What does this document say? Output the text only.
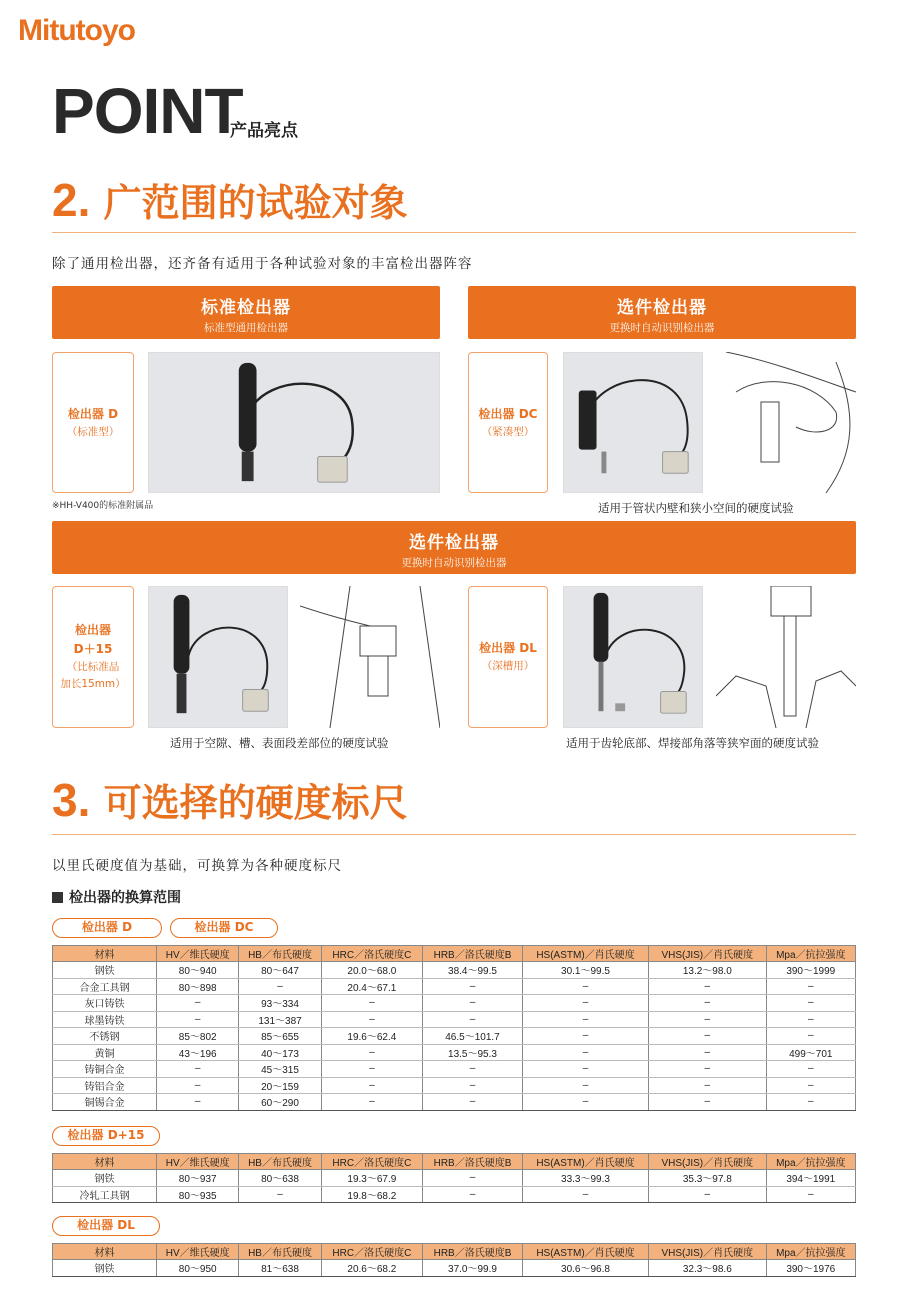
Mitutoyo
POINT
产品亮点
2. 广范围的试验对象
除了通用检出器，还齐备有适用于各种试验对象的丰富检出器阵容
标准检出器
标准型通用检出器
选件检出器
更换时自动识别检出器
检出器 D
（标准型）
※HH-V400的标准附属品
检出器 DC
（紧凑型）
适用于管状内壁和狭小空间的硬度试验
选件检出器
更换时自动识别检出器
检出器
D＋15
（比标准品
加长15mm）
检出器 DL
（深槽用）
适用于空隙、槽、表面段差部位的硬度试验	适用于齿轮底部、焊接部角落等狭窄面的硬度试验
3. 可选择的硬度标尺
以里氏硬度值为基础，可换算为各种硬度标尺
检出器的换算范围
检出器 D	检出器 DC
材料	HV／维氏硬度	HB／布氏硬度	HRC／洛氏硬度C	HRB／洛氏硬度B	HS(ASTM)／肖氏硬度	VHS(JIS)／肖氏硬度	Mpa／抗拉强度
钢铁	80～940	80～647	20.0～68.0	38.4～99.5	30.1～99.5	13.2～98.0	390～1999
合金工具钢	80～898	–	20.4～67.1	–	–	–	–
灰口铸铁	–	93～334	–	–	–	–	–
球墨铸铁	–	131～387	–	–	–	–	–
不锈钢	85～802	85～655	19.6～62.4	46.5～101.7	–	–	–
黄铜	43～196	40～173	–	13.5～95.3	–	–	499～701
铸铜合金	–	45～315	–	–	–	–	–
铸铝合金	–	20～159	–	–	–	–	–
铜锡合金	–	60～290	–	–	–	–	–
检出器 D+15
材料	HV／维氏硬度	HB／布氏硬度	HRC／洛氏硬度C	HRB／洛氏硬度B	HS(ASTM)／肖氏硬度	VHS(JIS)／肖氏硬度	Mpa／抗拉强度
钢铁	80～937	80～638	19.3～67.9	–	33.3～99.3	35.3～97.8	394～1991
冷轧工具钢	80～935	–	19.8～68.2	–	–	–	–
检出器 DL
材料	HV／维氏硬度	HB／布氏硬度	HRC／洛氏硬度C	HRB／洛氏硬度B	HS(ASTM)／肖氏硬度	VHS(JIS)／肖氏硬度	Mpa／抗拉强度
钢铁	80～950	81～638	20.6～68.2	37.0～99.9	30.6～96.8	32.3～98.6	390～1976
